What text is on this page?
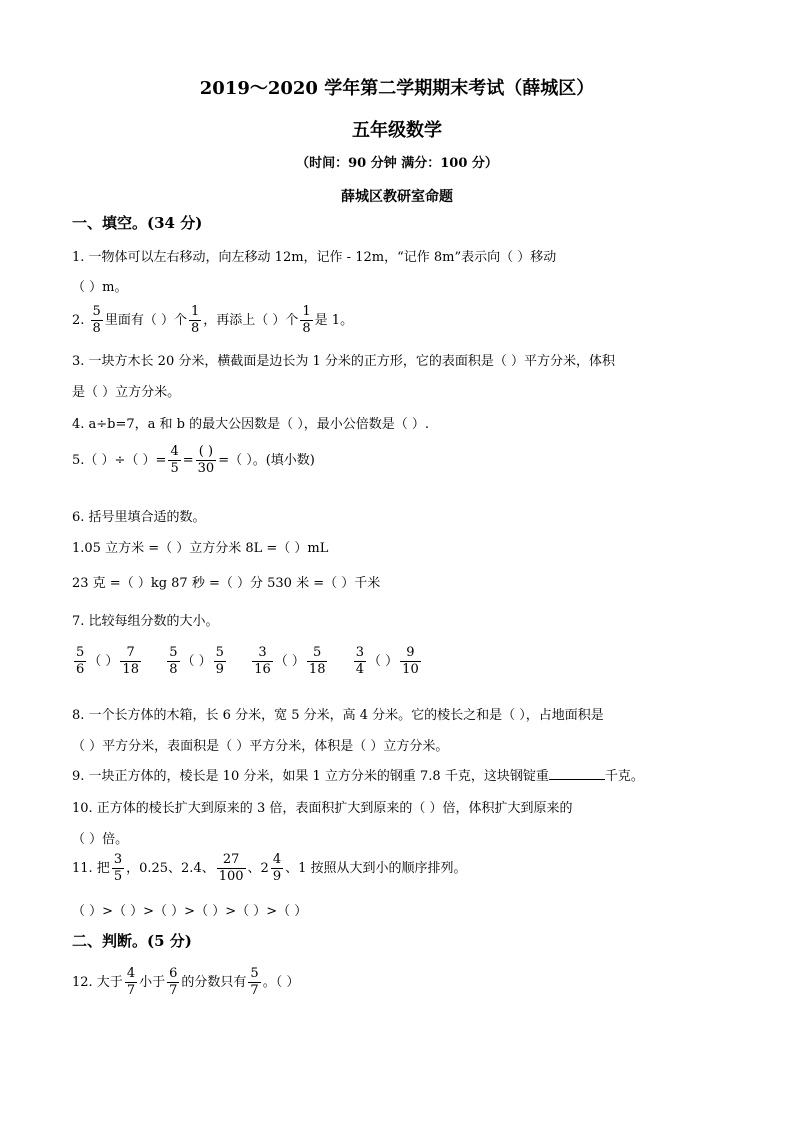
2019～2020 学年第二学期期末考试（薛城区）
五年级数学
（时间：90 分钟 满分：100 分）
薛城区教研室命题
一、填空。(34 分)
1. 一物体可以左右移动，向左移动 12m，记作 - 12m，“记作 8m”表示向（ ）移动
（ ）m。
2. $\frac{5}{8}$ 里面有（ ）个 $\frac{1}{8}$ ，再添上（ ）个 $\frac{1}{8}$ 是 1。
3. 一块方木长 20 分米，横截面是边长为 1 分米的正方形，它的表面积是（ ）平方分米，体积
是（ ）立方分米。
4. a÷b=7，a 和 b 的最大公因数是（ ），最小公倍数是（ ）.
5.（ ）÷（ ）= $\frac{4}{5} = \frac{( )}{30}$ =（ ）。(填小数)
6. 括号里填合适的数。
1.05 立方米 =（ ）立方分米 8L =（ ）mL
23 克 =（ ）kg 87 秒 =（ ）分 530 米 =（ ）千米
7. 比较每组分数的大小。
$\frac{5}{6}$ （ ） $\frac{7}{18}$
$\frac{5}{8}$ （ ） $\frac{5}{9}$
$\frac{3}{16}$ （ ） $\frac{5}{18}$
$\frac{3}{4}$ （ ） $\frac{9}{10}$
8. 一个长方体的木箱，长 6 分米，宽 5 分米，高 4 分米。它的棱长之和是（ ），占地面积是
（ ）平方分米，表面积是（ ）平方分米，体积是（ ）立方分米。
9. 一块正方体的，棱长是 10 分米，如果 1 立方分米的钢重 7.8 千克，这块钢锭重	千克。
10. 正方体的棱长扩大到原来的 3 倍，表面积扩大到原来的（ ）倍，体积扩大到原来的
（ ）倍。
11. 把 $\frac{3}{5}$ ，0.25、2.4、 $\frac{27}{100}$ 、$2 \frac{4}{9}$ 、1 按照从大到小的顺序排列。
（ ）>（ ）>（ ）>（ ）>（ ）>（ ）
二、判断。(5 分)
12. 大于 $\frac{4}{7}$ 小于 $\frac{6}{7}$ 的分数只有 $\frac{5}{7}$ 。（ ）
